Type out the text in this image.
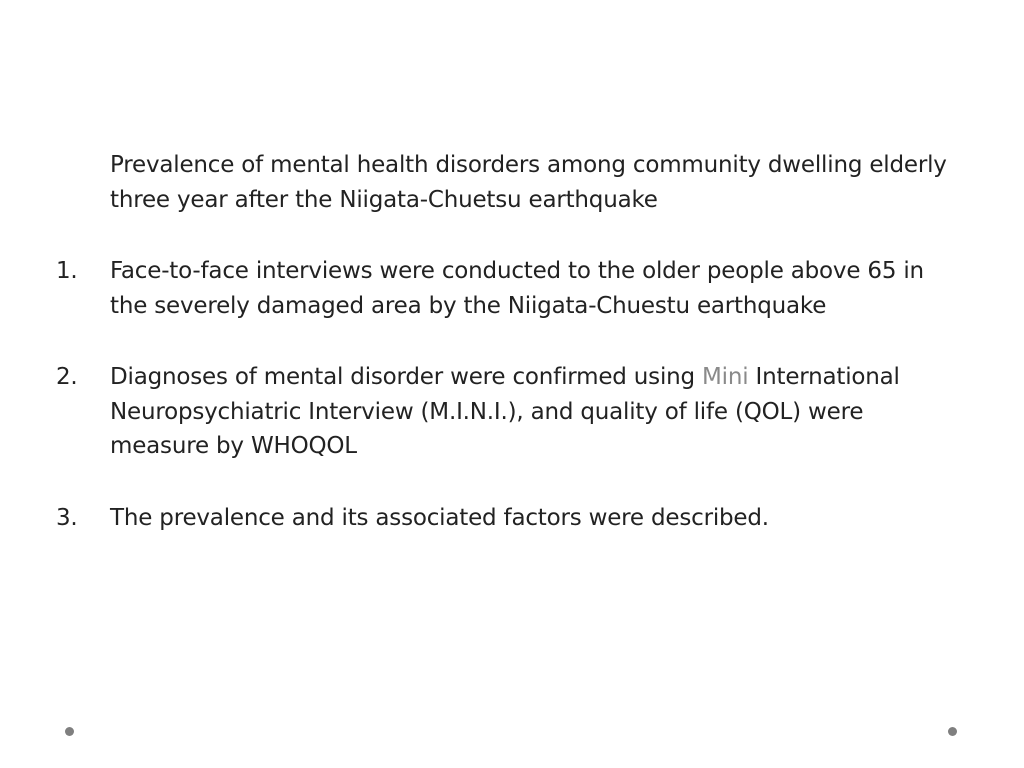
Prevalence of mental health disorders among community dwelling elderly three year after the Niigata-Chuetsu earthquake
1.	Face-to-face interviews were conducted to the older people above 65 in the severely damaged area by the Niigata-Chuestu earthquake
2.	Diagnoses of mental disorder were confirmed using Mini International Neuropsychiatric Interview (M.I.N.I.), and quality of life (QOL) were measure by WHOQOL
3.	The prevalence and its associated factors were described.
